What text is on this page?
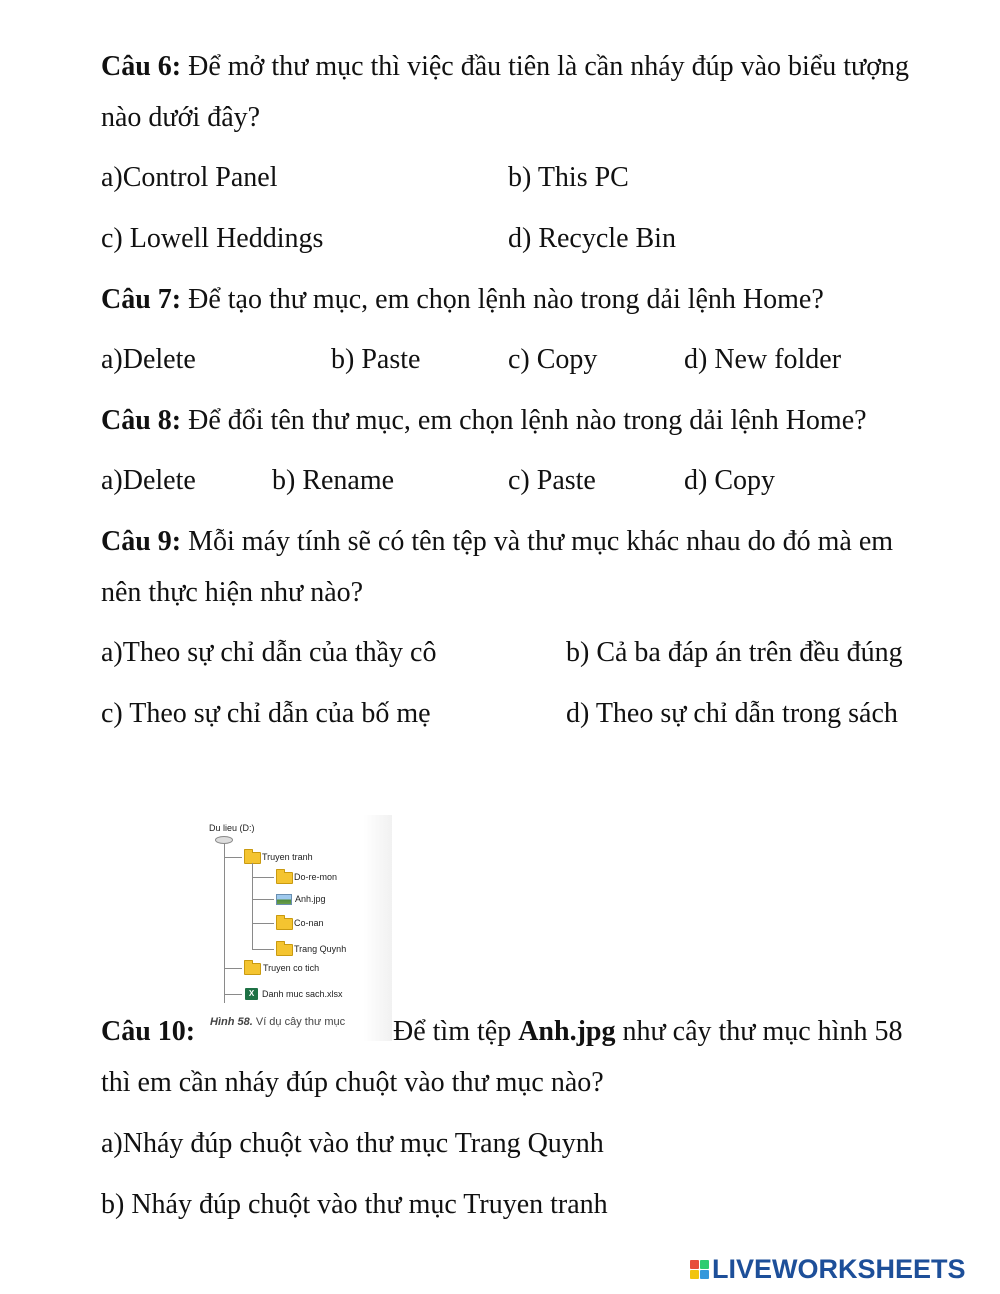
Câu 6: Để mở thư mục thì việc đầu tiên là cần nháy đúp vào biểu tượng
nào dưới đây?
a)Control Panel	b) This PC
c) Lowell Heddings	d) Recycle Bin
Câu 7: Để tạo thư mục, em chọn lệnh nào trong dải lệnh Home?
a)Delete	b) Paste	c) Copy	d) New folder
Câu 8: Để đổi tên thư mục, em chọn lệnh nào trong dải lệnh Home?
a)Delete	b) Rename	c) Paste	d) Copy
Câu 9: Mỗi máy tính sẽ có tên tệp và thư mục khác nhau do đó mà em
nên thực hiện như nào?
a)Theo sự chỉ dẫn của thầy cô	b) Cả ba đáp án trên đều đúng
c) Theo sự chỉ dẫn của bố mẹ	d) Theo sự chỉ dẫn trong sách
Du lieu (D:)
Truyen tranh
Do-re-mon
Anh.jpg
Co-nan
Trang Quynh
Truyen co tich
X Danh muc sach.xlsx
Hình 58. Ví dụ cây thư mục
Câu 10:	Để tìm tệp Anh.jpg như cây thư mục hình 58
thì em cần nháy đúp chuột vào thư mục nào?
a)Nháy đúp chuột vào thư mục Trang Quynh
b) Nháy đúp chuột vào thư mục Truyen tranh
LIVEWORKSHEETS
